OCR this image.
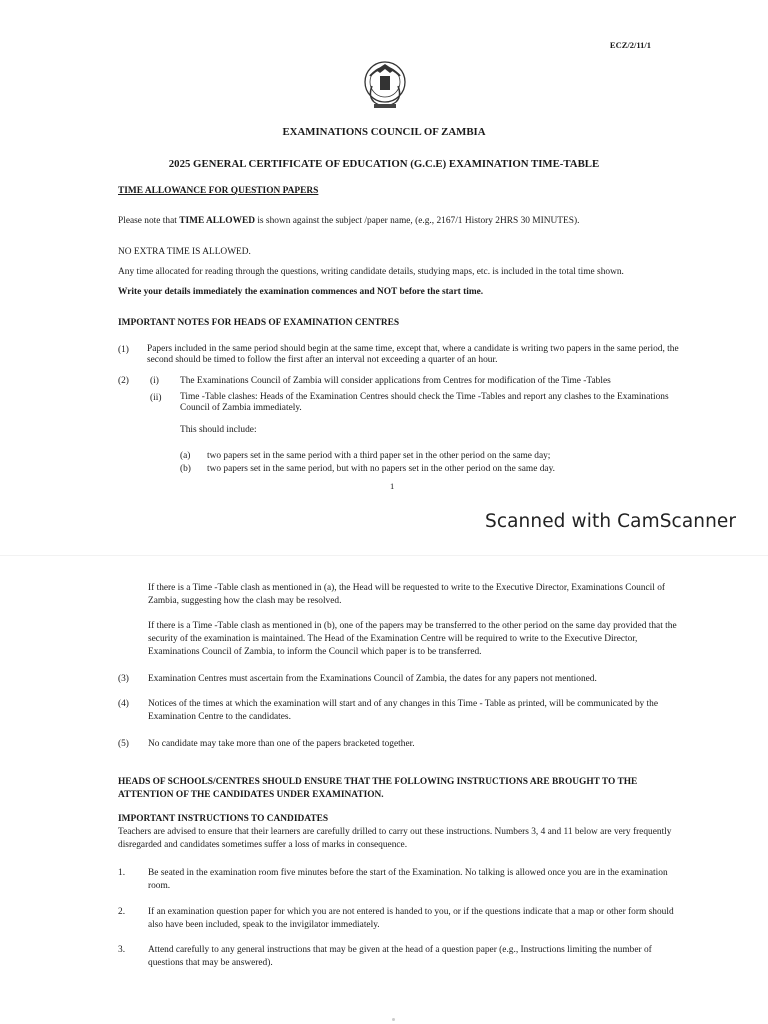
ECZ/2/11/1
EXAMINATIONS COUNCIL OF ZAMBIA
2025 GENERAL CERTIFICATE OF EDUCATION (G.C.E) EXAMINATION TIME-TABLE
TIME ALLOWANCE FOR QUESTION PAPERS
Please note that TIME ALLOWED is shown against the subject /paper name, (e.g., 2167/1 History 2HRS 30 MINUTES).
NO EXTRA TIME IS ALLOWED.
Any time allocated for reading through the questions, writing candidate details, studying maps, etc. is included in the total time shown.
Write your details immediately the examination commences and NOT before the start time.
IMPORTANT NOTES FOR HEADS OF EXAMINATION CENTRES
(1) Papers included in the same period should begin at the same time, except that, where a candidate is writing two papers in the same period, the second should be timed to follow the first after an interval not exceeding a quarter of an hour.
(2) (i) The Examinations Council of Zambia will consider applications from Centres for modification of the Time -Tables
(ii) Time -Table clashes: Heads of the Examination Centres should check the Time -Tables and report any clashes to the Examinations Council of Zambia immediately.
This should include:
(a) two papers set in the same period with a third paper set in the other period on the same day;
(b) two papers set in the same period, but with no papers set in the other period on the same day.
1
Scanned with CamScanner
If there is a Time -Table clash as mentioned in (a), the Head will be requested to write to the Executive Director, Examinations Council of Zambia, suggesting how the clash may be resolved.
If there is a Time -Table clash as mentioned in (b), one of the papers may be transferred to the other period on the same day provided that the security of the examination is maintained. The Head of the Examination Centre will be required to write to the Executive Director, Examinations Council of Zambia, to inform the Council which paper is to be transferred.
(3) Examination Centres must ascertain from the Examinations Council of Zambia, the dates for any papers not mentioned.
(4) Notices of the times at which the examination will start and of any changes in this Time - Table as printed, will be communicated by the Examination Centre to the candidates.
(5) No candidate may take more than one of the papers bracketed together.
HEADS OF SCHOOLS/CENTRES SHOULD ENSURE THAT THE FOLLOWING INSTRUCTIONS ARE BROUGHT TO THE ATTENTION OF THE CANDIDATES UNDER EXAMINATION.
IMPORTANT INSTRUCTIONS TO CANDIDATES
Teachers are advised to ensure that their learners are carefully drilled to carry out these instructions. Numbers 3, 4 and 11 below are very frequently disregarded and candidates sometimes suffer a loss of marks in consequence.
1. Be seated in the examination room five minutes before the start of the Examination. No talking is allowed once you are in the examination room.
2. If an examination question paper for which you are not entered is handed to you, or if the questions indicate that a map or other form should also have been included, speak to the invigilator immediately.
3. Attend carefully to any general instructions that may be given at the head of a question paper (e.g., Instructions limiting the number of questions that may be answered).
